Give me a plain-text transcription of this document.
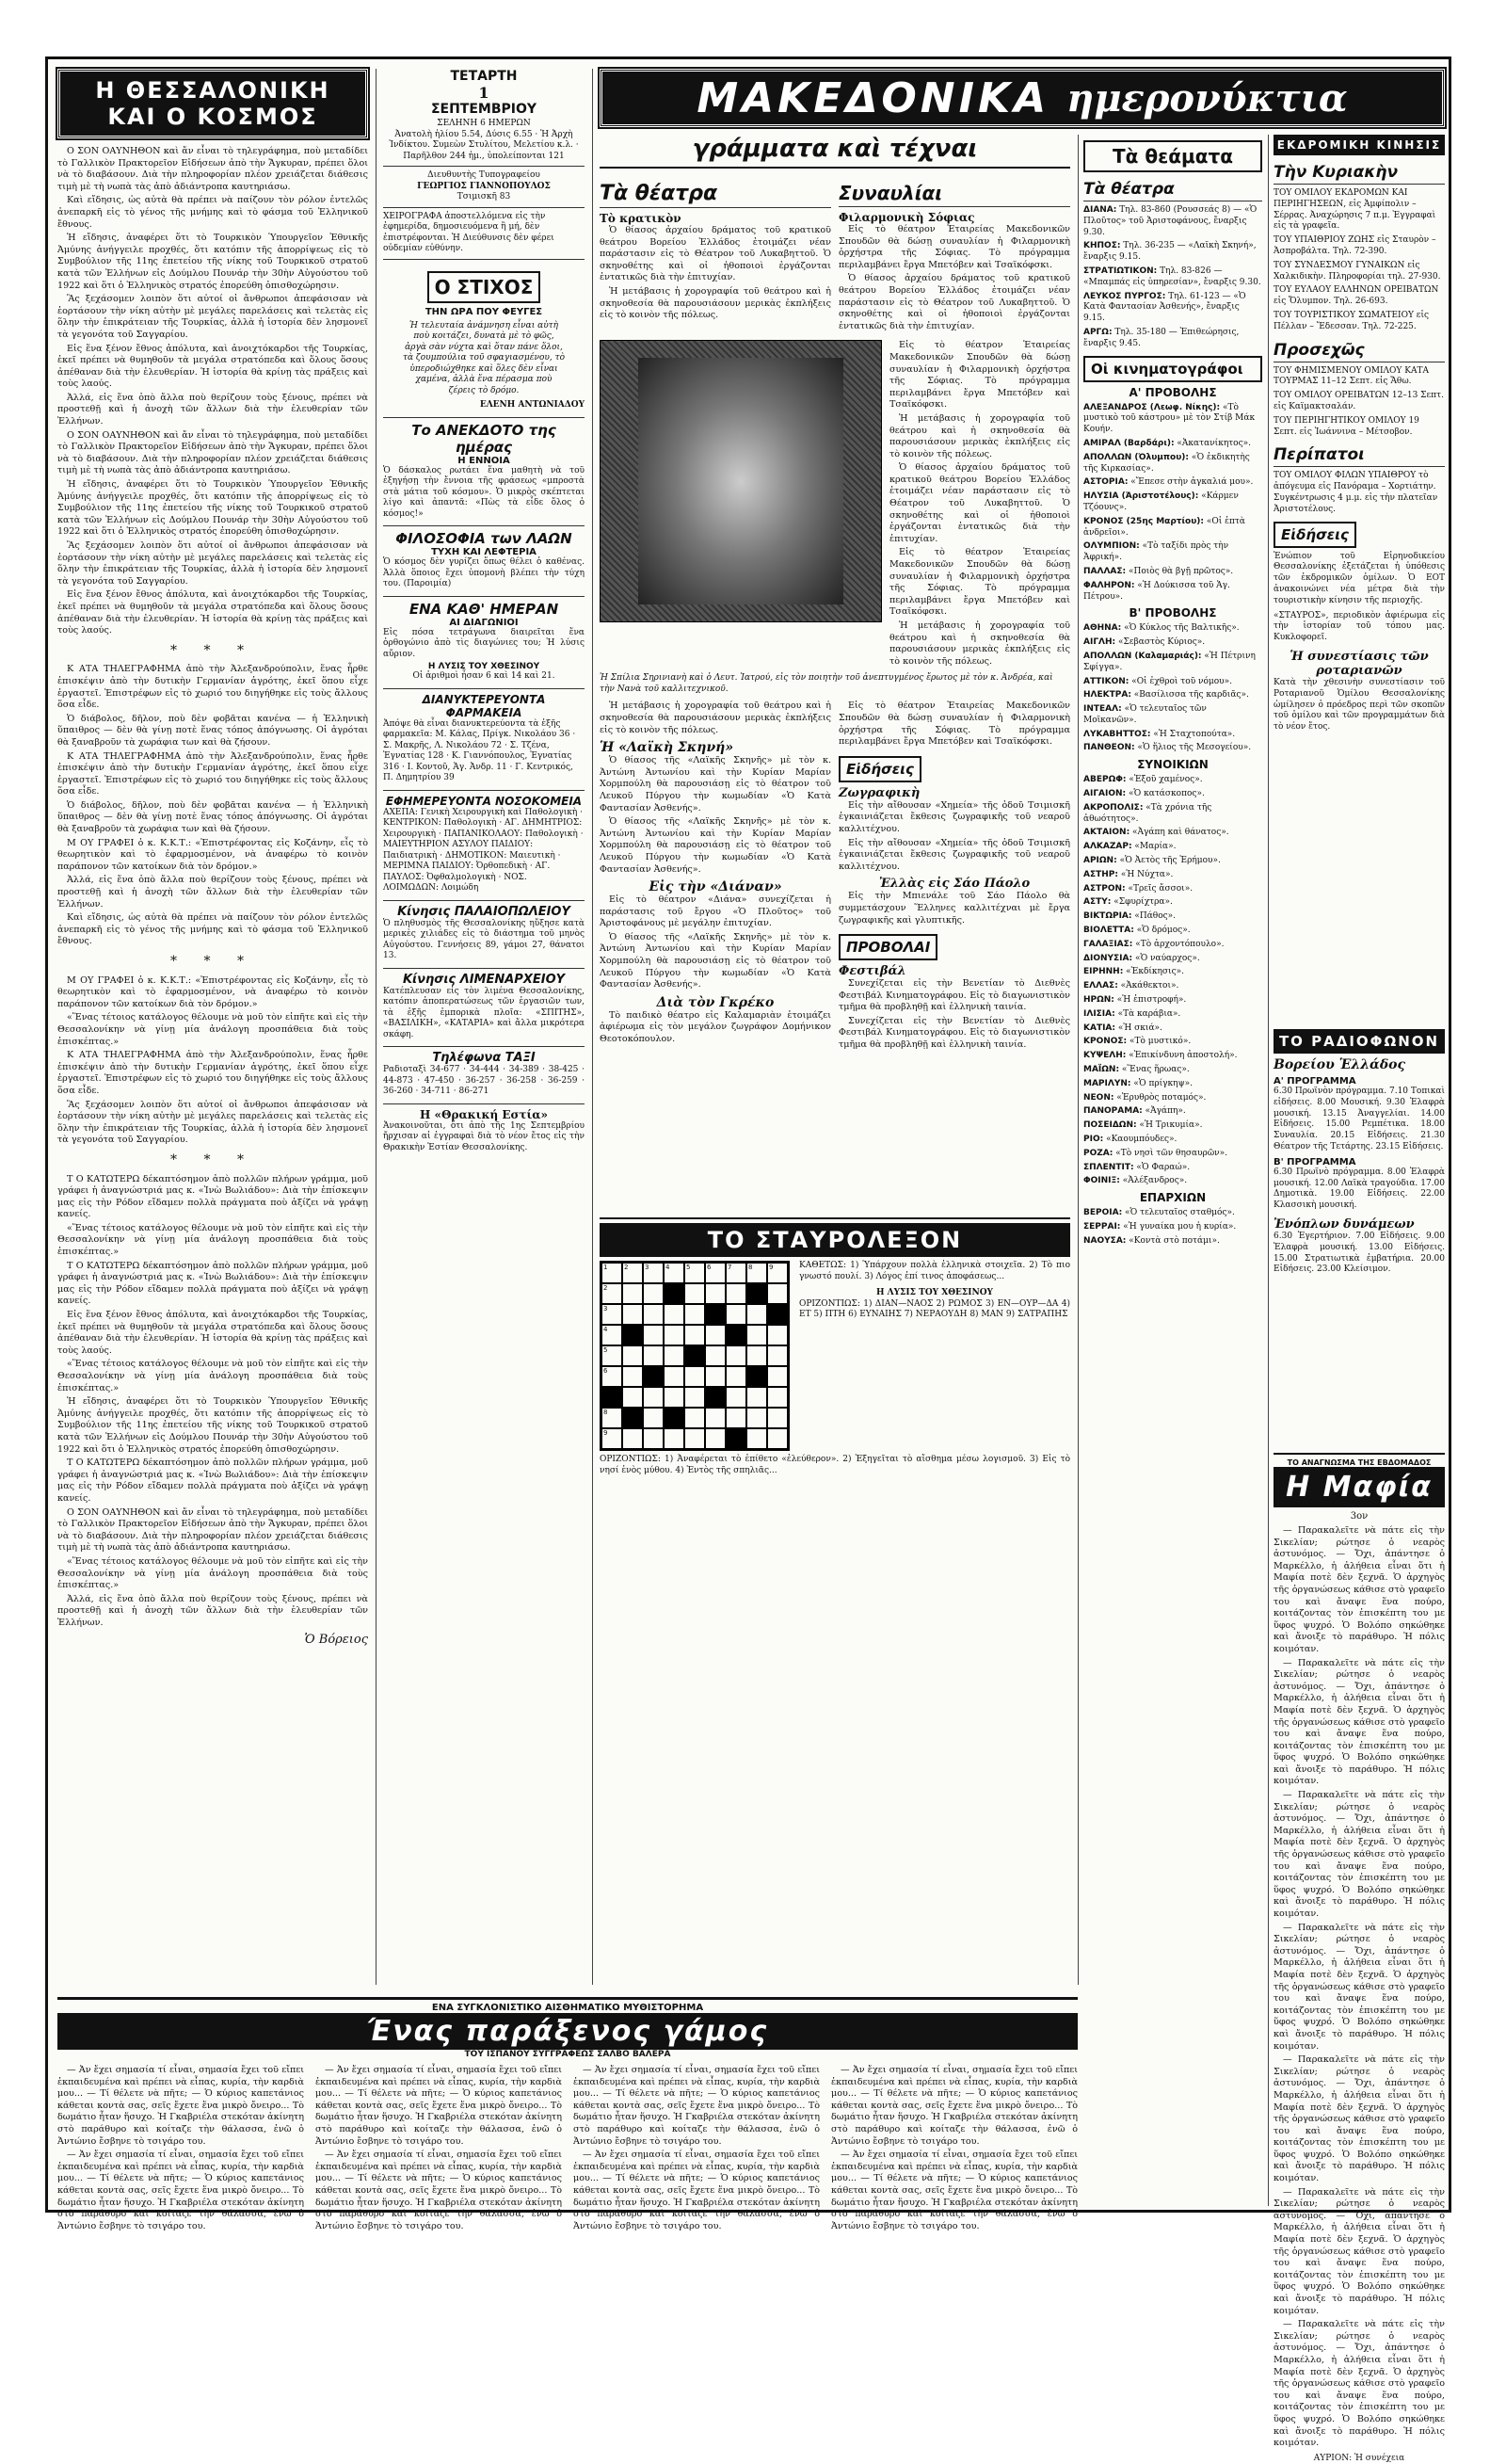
Η ΘΕΣΣΑΛΟΝΙΚΗ
ΚΑΙ Ο ΚΟΣΜΟΣ

Ο ΣΟΝ ΟΑΥΝΗΘΟΝ καὶ ἄν εἶναι τὸ τηλεγράφημα, ποὺ μεταδίδει τὸ Γαλλικὸν Πρακτορεῖον Εἰδήσεων ἀπὸ τὴν Ἄγκυραν, πρέπει ὅλοι νὰ τὸ διαβάσουν. Διὰ τὴν πληροφορίαν πλέον χρειάζεται διάθεσις τιμὴ μὲ τὴ νωπὰ τὰς ἀπὸ ἀδιάντροπα καυτηριάσω.

Καὶ εἴδησις, ὡς αὐτὰ θὰ πρέπει νὰ παίζουν τὸν ρόλον ἐντελῶς ἀνεπαρκῆ εἰς τὸ γένος τῆς μνήμης καὶ τὸ φάσμα τοῦ Ἑλληνικοῦ ἔθνους.

Ἡ εἴδησις, ἀναφέρει ὅτι τὸ Τουρκικὸν Ὑπουργεῖον Ἐθνικῆς Ἀμύνης ἀνήγγειλε προχθές, ὅτι κατόπιν τῆς ἀπορρίψεως εἰς τὸ Συμβούλιον τῆς 11ης ἐπετείου τῆς νίκης τοῦ Τουρκικοῦ στρατοῦ κατὰ τῶν Ἑλλήνων εἰς Δούμλου Πουνάρ τὴν 30ὴν Αὐγούστου τοῦ 1922 καὶ ὅτι ὁ Ἑλληνικὸς στρατός ἐπορεύθη ὀπισθοχώρησιν.

Ἂς ξεχάσομεν λοιπὸν ὅτι αὐτοί οἱ ἄνθρωποι ἀπεφάσισαν νὰ ἑορτάσουν τὴν νίκη αὐτὴν μὲ μεγάλες παρελάσεις καὶ τελετὰς εἰς ὅλην τὴν ἐπικράτειαν τῆς Τουρκίας, ἀλλὰ ἡ ἱστορία δὲν λησμονεῖ τὰ γεγονότα τοῦ Σαγγαρίου.

Εἰς ἕνα ξένον ἔθνος ἀπόλυτα, καὶ ἀνοιχτόκαρδοι τῆς Τουρκίας, ἐκεῖ πρέπει νὰ θυμηθοῦν τὰ μεγάλα στρατόπεδα καὶ ὅλους ὅσους ἀπέθαναν διὰ τὴν ἐλευθερίαν. Ἡ ἱστορία θὰ κρίνῃ τὰς πράξεις καὶ τοὺς λαούς.

Ἀλλά, εἰς ἕνα ὁπὸ ἄλλα ποὺ θερίζουν τοὺς ξένους, πρέπει νὰ προστεθῇ καὶ ἡ ἀνοχὴ τῶν ἄλλων διὰ τὴν ἐλευθερίαν τῶν Ἑλλήνων.

Ο ΣΟΝ ΟΑΥΝΗΘΟΝ καὶ ἄν εἶναι τὸ τηλεγράφημα, ποὺ μεταδίδει τὸ Γαλλικὸν Πρακτορεῖον Εἰδήσεων ἀπὸ τὴν Ἄγκυραν, πρέπει ὅλοι νὰ τὸ διαβάσουν. Διὰ τὴν πληροφορίαν πλέον χρειάζεται διάθεσις τιμὴ μὲ τὴ νωπὰ τὰς ἀπὸ ἀδιάντροπα καυτηριάσω.

Ἡ εἴδησις, ἀναφέρει ὅτι τὸ Τουρκικὸν Ὑπουργεῖον Ἐθνικῆς Ἀμύνης ἀνήγγειλε προχθές, ὅτι κατόπιν τῆς ἀπορρίψεως εἰς τὸ Συμβούλιον τῆς 11ης ἐπετείου τῆς νίκης τοῦ Τουρκικοῦ στρατοῦ κατὰ τῶν Ἑλλήνων εἰς Δούμλου Πουνάρ τὴν 30ὴν Αὐγούστου τοῦ 1922 καὶ ὅτι ὁ Ἑλληνικὸς στρατός ἐπορεύθη ὀπισθοχώρησιν.

Ἂς ξεχάσομεν λοιπὸν ὅτι αὐτοί οἱ ἄνθρωποι ἀπεφάσισαν νὰ ἑορτάσουν τὴν νίκη αὐτὴν μὲ μεγάλες παρελάσεις καὶ τελετὰς εἰς ὅλην τὴν ἐπικράτειαν τῆς Τουρκίας, ἀλλὰ ἡ ἱστορία δὲν λησμονεῖ τὰ γεγονότα τοῦ Σαγγαρίου.

Εἰς ἕνα ξένον ἔθνος ἀπόλυτα, καὶ ἀνοιχτόκαρδοι τῆς Τουρκίας, ἐκεῖ πρέπει νὰ θυμηθοῦν τὰ μεγάλα στρατόπεδα καὶ ὅλους ὅσους ἀπέθαναν διὰ τὴν ἐλευθερίαν. Ἡ ἱστορία θὰ κρίνῃ τὰς πράξεις καὶ τοὺς λαούς.

* * *

Κ ΑΤΑ ΤΗΛΕΓΡΑΦΗΜΑ ἀπὸ τὴν Ἀλεξανδρούπολιν, ἕνας ἦρθε ἐπισκέψιν ἀπὸ τὴν δυτικὴν Γερμανίαν ἀγρότης, ἐκεῖ ὅπου εἶχε ἐργαστεῖ. Ἐπιστρέφων εἰς τὸ χωριό του διηγήθηκε εἰς τοὺς ἄλλους ὅσα εἶδε.

Ὁ διάβολος, δῆλον, ποὺ δὲν φοβᾶται κανένα — ἡ Ἑλληνικὴ ὕπαιθρος — δὲν θὰ γίνῃ ποτὲ ἕνας τόπος ἀπόγνωσης. Οἱ ἀγρόται θὰ ξαναβροῦν τὰ χωράφια των καὶ θὰ ζήσουν.

Κ ΑΤΑ ΤΗΛΕΓΡΑΦΗΜΑ ἀπὸ τὴν Ἀλεξανδρούπολιν, ἕνας ἦρθε ἐπισκέψιν ἀπὸ τὴν δυτικὴν Γερμανίαν ἀγρότης, ἐκεῖ ὅπου εἶχε ἐργαστεῖ. Ἐπιστρέφων εἰς τὸ χωριό του διηγήθηκε εἰς τοὺς ἄλλους ὅσα εἶδε.

Ὁ διάβολος, δῆλον, ποὺ δὲν φοβᾶται κανένα — ἡ Ἑλληνικὴ ὕπαιθρος — δὲν θὰ γίνῃ ποτὲ ἕνας τόπος ἀπόγνωσης. Οἱ ἀγρόται θὰ ξαναβροῦν τὰ χωράφια των καὶ θὰ ζήσουν.

Μ ΟΥ ΓΡΑΦΕΙ ὁ κ. Κ.Κ.Τ.: «Ἐπιστρέφοντας εἰς Κοζάνην, εἶς τὸ θεωρητικὸν καὶ τὸ ἐφαρμοσμένον, νὰ ἀναφέρω τὸ κοινὸν παράπονον τῶν κατοίκων διὰ τὸν δρόμον.»

Ἀλλά, εἰς ἕνα ὁπὸ ἄλλα ποὺ θερίζουν τοὺς ξένους, πρέπει νὰ προστεθῇ καὶ ἡ ἀνοχὴ τῶν ἄλλων διὰ τὴν ἐλευθερίαν τῶν Ἑλλήνων.

Καὶ εἴδησις, ὡς αὐτὰ θὰ πρέπει νὰ παίζουν τὸν ρόλον ἐντελῶς ἀνεπαρκῆ εἰς τὸ γένος τῆς μνήμης καὶ τὸ φάσμα τοῦ Ἑλληνικοῦ ἔθνους.

* * *

Μ ΟΥ ΓΡΑΦΕΙ ὁ κ. Κ.Κ.Τ.: «Ἐπιστρέφοντας εἰς Κοζάνην, εἶς τὸ θεωρητικὸν καὶ τὸ ἐφαρμοσμένον, νὰ ἀναφέρω τὸ κοινὸν παράπονον τῶν κατοίκων διὰ τὸν δρόμον.»

«Ἕνας τέτοιος κατάλογος θέλουμε νὰ μοῦ τὸν εἰπῆτε καὶ εἰς τὴν Θεσσαλονίκην νὰ γίνῃ μία ἀνάλογη προσπάθεια διὰ τοὺς ἐπισκέπτας.»

Κ ΑΤΑ ΤΗΛΕΓΡΑΦΗΜΑ ἀπὸ τὴν Ἀλεξανδρούπολιν, ἕνας ἦρθε ἐπισκέψιν ἀπὸ τὴν δυτικὴν Γερμανίαν ἀγρότης, ἐκεῖ ὅπου εἶχε ἐργαστεῖ. Ἐπιστρέφων εἰς τὸ χωριό του διηγήθηκε εἰς τοὺς ἄλλους ὅσα εἶδε.

Ἂς ξεχάσομεν λοιπὸν ὅτι αὐτοί οἱ ἄνθρωποι ἀπεφάσισαν νὰ ἑορτάσουν τὴν νίκη αὐτὴν μὲ μεγάλες παρελάσεις καὶ τελετὰς εἰς ὅλην τὴν ἐπικράτειαν τῆς Τουρκίας, ἀλλὰ ἡ ἱστορία δὲν λησμονεῖ τὰ γεγονότα τοῦ Σαγγαρίου.

* * *

Τ Ο ΚΑΤΩΤΕΡΩ δέκαπτόσημον ἀπὸ πολλῶν πλήρων γράμμα, μοῦ γράφει ἡ ἀναγνώστριά μας κ. «Ἰνὼ Βωλιάδου»: Διὰ τὴν ἐπίσκεψιν μας εἰς τὴν Ρόδον εἴδαμεν πολλὰ πράγματα ποὺ ἀξίζει νὰ γράψῃ κανείς.

«Ἕνας τέτοιος κατάλογος θέλουμε νὰ μοῦ τὸν εἰπῆτε καὶ εἰς τὴν Θεσσαλονίκην νὰ γίνῃ μία ἀνάλογη προσπάθεια διὰ τοὺς ἐπισκέπτας.»

Τ Ο ΚΑΤΩΤΕΡΩ δέκαπτόσημον ἀπὸ πολλῶν πλήρων γράμμα, μοῦ γράφει ἡ ἀναγνώστριά μας κ. «Ἰνὼ Βωλιάδου»: Διὰ τὴν ἐπίσκεψιν μας εἰς τὴν Ρόδον εἴδαμεν πολλὰ πράγματα ποὺ ἀξίζει νὰ γράψῃ κανείς.

Εἰς ἕνα ξένον ἔθνος ἀπόλυτα, καὶ ἀνοιχτόκαρδοι τῆς Τουρκίας, ἐκεῖ πρέπει νὰ θυμηθοῦν τὰ μεγάλα στρατόπεδα καὶ ὅλους ὅσους ἀπέθαναν διὰ τὴν ἐλευθερίαν. Ἡ ἱστορία θὰ κρίνῃ τὰς πράξεις καὶ τοὺς λαούς.

«Ἕνας τέτοιος κατάλογος θέλουμε νὰ μοῦ τὸν εἰπῆτε καὶ εἰς τὴν Θεσσαλονίκην νὰ γίνῃ μία ἀνάλογη προσπάθεια διὰ τοὺς ἐπισκέπτας.»

Ἡ εἴδησις, ἀναφέρει ὅτι τὸ Τουρκικὸν Ὑπουργεῖον Ἐθνικῆς Ἀμύνης ἀνήγγειλε προχθές, ὅτι κατόπιν τῆς ἀπορρίψεως εἰς τὸ Συμβούλιον τῆς 11ης ἐπετείου τῆς νίκης τοῦ Τουρκικοῦ στρατοῦ κατὰ τῶν Ἑλλήνων εἰς Δούμλου Πουνάρ τὴν 30ὴν Αὐγούστου τοῦ 1922 καὶ ὅτι ὁ Ἑλληνικὸς στρατός ἐπορεύθη ὀπισθοχώρησιν.

Τ Ο ΚΑΤΩΤΕΡΩ δέκαπτόσημον ἀπὸ πολλῶν πλήρων γράμμα, μοῦ γράφει ἡ ἀναγνώστριά μας κ. «Ἰνὼ Βωλιάδου»: Διὰ τὴν ἐπίσκεψιν μας εἰς τὴν Ρόδον εἴδαμεν πολλὰ πράγματα ποὺ ἀξίζει νὰ γράψῃ κανείς.

Ο ΣΟΝ ΟΑΥΝΗΘΟΝ καὶ ἄν εἶναι τὸ τηλεγράφημα, ποὺ μεταδίδει τὸ Γαλλικὸν Πρακτορεῖον Εἰδήσεων ἀπὸ τὴν Ἄγκυραν, πρέπει ὅλοι νὰ τὸ διαβάσουν. Διὰ τὴν πληροφορίαν πλέον χρειάζεται διάθεσις τιμὴ μὲ τὴ νωπὰ τὰς ἀπὸ ἀδιάντροπα καυτηριάσω.

«Ἕνας τέτοιος κατάλογος θέλουμε νὰ μοῦ τὸν εἰπῆτε καὶ εἰς τὴν Θεσσαλονίκην νὰ γίνῃ μία ἀνάλογη προσπάθεια διὰ τοὺς ἐπισκέπτας.»

Ἀλλά, εἰς ἕνα ὁπὸ ἄλλα ποὺ θερίζουν τοὺς ξένους, πρέπει νὰ προστεθῇ καὶ ἡ ἀνοχὴ τῶν ἄλλων διὰ τὴν ἐλευθερίαν τῶν Ἑλλήνων.

Ὁ Βόρειος
ΤΕΤΑΡΤΗ
1
ΣΕΠΤΕΜΒΡΙΟΥ
ΣΕΛΗΝΗ 6 ΗΜΕΡΩΝ
Ἀνατολὴ ἡλίου 5.54, Δύσις 6.55 · Ἡ Ἀρχὴ Ἰνδίκτου. Συμεὼν Στυλίτου, Μελετίου κ.λ. · Παρῆλθον 244 ἡμ., ὑπολείπονται 121
Διευθυντὴς Τυπογραφείου
ΓΕΩΡΓΙΟΣ ΓΙΑΝΝΟΠΟΥΛΟΣ
Τσιμισκῆ 83
ΧΕΙΡΟΓΡΑΦΑ ἀποστελλόμενα εἰς τὴν ἐφημερίδα, δημοσιευόμενα ἢ μή, δὲν ἐπιστρέφονται. Ἡ Διεύθυνσις δὲν φέρει οὐδεμίαν εὐθύνην.
Ο ΣΤΙΧΟΣ
ΤΗΝ ΩΡΑ ΠΟΥ ΦΕΥΓΕΣ
Ἡ τελευταία ἀνάμνηση εἶναι αὐτὴ ποὺ κοιτάζει, δυνατὰ μὲ τὸ φῶς, ἀργὰ σὰν νύχτα καὶ ὅταν πάνε ὅλοι, τὰ ζουμπούλια τοῦ σφαγιασμένου, τὸ ὑπεροδιώχθηκε καὶ ὅλες δὲν εἶναι χαμένα, ἀλλὰ ἕνα πέρασμα ποὺ ζέρεις τὸ δρόμο.
ΕΛΕΝΗ ΑΝΤΩΝΙΑΔΟΥ
Το ΑΝΕΚΔΟΤΟ της ημέρας
Η ΕΝΝΟΙΑ
Ὁ δάσκαλος ρωτάει ἕνα μαθητὴ νὰ τοῦ ἐξηγήσῃ τὴν ἔννοια τῆς φράσεως «μπροστὰ στὰ μάτια τοῦ κόσμου». Ὁ μικρὸς σκέπτεται λίγο καὶ ἀπαντᾶ: «Πὼς τὰ εἶδε ὅλος ὁ κόσμος!»
ΦΙΛΟΣΟΦΙΑ των ΛΑΩΝ
ΤΥΧΗ ΚΑΙ ΛΕΦΤΕΡΙΑ
Ὁ κόσμος δὲν γυρίζει ὅπως θέλει ὁ καθένας. Ἀλλὰ ὅποιος ἔχει ὑπομονὴ βλέπει τὴν τύχη του. (Παροιμία)
ΕΝΑ ΚΑΘ' ΗΜΕΡΑΝ
ΑΙ ΔΙΑΓΩΝΙΟΙ
Εἰς πόσα τετράγωνα διαιρεῖται ἕνα ὀρθογώνιο ἀπὸ τὶς διαγώνιες του; Ἡ λύσις αὔριον.
Η ΛΥΣΙΣ ΤΟΥ ΧΘΕΣΙΝΟΥ
Οἱ ἀριθμοὶ ἦσαν 6 καὶ 14 καὶ 21.
ΔΙΑΝΥΚΤΕΡΕΥΟΝΤΑ ΦΑΡΜΑΚΕΙΑ
Ἀπόψε θὰ εἶναι διανυκτερεύοντα τὰ ἑξῆς φαρμακεῖα: Μ. Κάλας, Πρίγκ. Νικολάου 36 · Σ. Μακρῆς, Λ. Νικολάου 72 · Σ. Τζένα, Ἐγνατίας 128 · Κ. Γιαννόπουλος, Ἐγνατίας 316 · Ι. Κοντοῦ, Ἁγ. Ἀνδρ. 11 · Γ. Κεντρικός, Π. Δημητρίου 39
ΕΦΗΜΕΡΕΥΟΝΤΑ ΝΟΣΟΚΟΜΕΙΑ
ΑΧΕΠΑ: Γενικὴ Χειρουργικὴ καὶ Παθολογικὴ · ΚΕΝΤΡΙΚΟΝ: Παθολογικὴ · ΑΓ. ΔΗΜΗΤΡΙΟΣ: Χειρουργικὴ · ΠΑΠΑΝΙΚΟΛΑΟΥ: Παθολογικὴ · ΜΑΙΕΥΤΗΡΙΟΝ ΑΣΥΛΟΥ ΠΑΙΔΙΟΥ: Παιδιατρικὴ · ΔΗΜΟΤΙΚΟΝ: Μαιευτικὴ · ΜΕΡΙΜΝΑ ΠΑΙΔΙΟΥ: Ὀρθοπεδικὴ · ΑΓ. ΠΑΥΛΟΣ: Ὀφθαλμολογικὴ · ΝΟΣ. ΛΟΙΜΩΔΩΝ: Λοιμώδη
Κίνησις ΠΑΛΑΙΟΠΩΛΕΙΟΥ
Ὁ πληθυσμὸς τῆς Θεσσαλονίκης ηὔξησε κατὰ μερικὲς χιλιάδες εἰς τὸ διάστημα τοῦ μηνὸς Αὐγούστου. Γεννήσεις 89, γάμοι 27, θάνατοι 13.
Κίνησις ΛΙΜΕΝΑΡΧΕΙΟΥ
Κατέπλευσαν εἰς τὸν λιμένα Θεσσαλονίκης, κατόπιν ἀποπερατώσεως τῶν ἐργασιῶν των, τὰ ἑξῆς ἐμπορικὰ πλοῖα: «ΣΠΙΤΗΣ», «ΒΑΣΙΛΙΚΗ», «ΚΑΤΑΡΙΑ» καὶ ἄλλα μικρότερα σκάφη.
Τηλέφωνα ΤΑΞΙ
Ραδιοταξὶ 34-677 · 34-444 · 34-389 · 38-425 · 44-873 · 47-450 · 36-257 · 36-258 · 36-259 · 36-260 · 34-711 · 86-271
Η «Θρακική Εστία»
Ἀνακοινοῦται, ὅτι ἀπὸ τῆς 1ης Σεπτεμβρίου ἤρχισαν αἱ ἐγγραφαὶ διὰ τὸ νέον ἔτος εἰς τὴν Θρακικὴν Ἑστίαν Θεσσαλονίκης.
ΜΑΚΕΔΟΝΙΚΑ ημερονύκτια
γράμματα καὶ τέχναι
Τὰ θέατρα
Τὸ κρατικὸν

Ὁ θίασος ἀρχαίου δράματος τοῦ κρατικοῦ θεάτρου Βορείου Ἑλλάδος ἐτοιμάζει νέαν παράστασιν εἰς τὸ Θέατρον τοῦ Λυκαβηττοῦ. Ὁ σκηνοθέτης καὶ οἱ ἠθοποιοὶ ἐργάζονται ἐντατικῶς διὰ τὴν ἐπιτυχίαν.

Ἡ μετάβασις ἡ χορογραφία τοῦ θεάτρου καὶ ἡ σκηνοθεσία θὰ παρουσιάσουν μερικὰς ἐκπλήξεις εἰς τὸ κοινὸν τῆς πόλεως.

Συναυλίαι
Φιλαρμονικὴ Σόφιας

Εἰς τὸ θέατρον Ἑταιρείας Μακεδονικῶν Σπουδῶν θὰ δώσῃ συναυλίαν ἡ Φιλαρμονικὴ ὀρχήστρα τῆς Σόφιας. Τὸ πρόγραμμα περιλαμβάνει ἔργα Μπετόβεν καὶ Τσαϊκόφσκι.

Ὁ θίασος ἀρχαίου δράματος τοῦ κρατικοῦ θεάτρου Βορείου Ἑλλάδος ἐτοιμάζει νέαν παράστασιν εἰς τὸ Θέατρον τοῦ Λυκαβηττοῦ. Ὁ σκηνοθέτης καὶ οἱ ἠθοποιοὶ ἐργάζονται ἐντατικῶς διὰ τὴν ἐπιτυχίαν.

Εἰς τὸ θέατρον Ἑταιρείας Μακεδονικῶν Σπουδῶν θὰ δώσῃ συναυλίαν ἡ Φιλαρμονικὴ ὀρχήστρα τῆς Σόφιας. Τὸ πρόγραμμα περιλαμβάνει ἔργα Μπετόβεν καὶ Τσαϊκόφσκι.

Ἡ μετάβασις ἡ χορογραφία τοῦ θεάτρου καὶ ἡ σκηνοθεσία θὰ παρουσιάσουν μερικὰς ἐκπλήξεις εἰς τὸ κοινὸν τῆς πόλεως.

Ὁ θίασος ἀρχαίου δράματος τοῦ κρατικοῦ θεάτρου Βορείου Ἑλλάδος ἐτοιμάζει νέαν παράστασιν εἰς τὸ Θέατρον τοῦ Λυκαβηττοῦ. Ὁ σκηνοθέτης καὶ οἱ ἠθοποιοὶ ἐργάζονται ἐντατικῶς διὰ τὴν ἐπιτυχίαν.

Εἰς τὸ θέατρον Ἑταιρείας Μακεδονικῶν Σπουδῶν θὰ δώσῃ συναυλίαν ἡ Φιλαρμονικὴ ὀρχήστρα τῆς Σόφιας. Τὸ πρόγραμμα περιλαμβάνει ἔργα Μπετόβεν καὶ Τσαϊκόφσκι.

Ἡ μετάβασις ἡ χορογραφία τοῦ θεάτρου καὶ ἡ σκηνοθεσία θὰ παρουσιάσουν μερικὰς ἐκπλήξεις εἰς τὸ κοινὸν τῆς πόλεως.

Ἡ Σπίλια Σηρινιανὴ καὶ ὁ Λευτ. Ἰατρού, εἰς τὸν ποιητὴν τοῦ ἀνεπτυγμένος ἔρωτος μὲ τὸν κ. Ἀνδρέα, καὶ τὴν Νανὰ τοῦ καλλιτεχνικοῦ.

Ἡ μετάβασις ἡ χορογραφία τοῦ θεάτρου καὶ ἡ σκηνοθεσία θὰ παρουσιάσουν μερικὰς ἐκπλήξεις εἰς τὸ κοινὸν τῆς πόλεως.

Ἡ «Λαϊκὴ Σκηνή»

Ὁ θίασος τῆς «Λαϊκῆς Σκηνῆς» μὲ τὸν κ. Ἀντώνη Ἀντωνίου καὶ τὴν Κυρίαν Μαρίαν Χορμπούλη θὰ παρουσιάσῃ εἰς τὸ θέατρον τοῦ Λευκοῦ Πύργου τὴν κωμωδίαν «Ὁ Κατὰ Φαντασίαν Ἀσθενής».

Ὁ θίασος τῆς «Λαϊκῆς Σκηνῆς» μὲ τὸν κ. Ἀντώνη Ἀντωνίου καὶ τὴν Κυρίαν Μαρίαν Χορμπούλη θὰ παρουσιάσῃ εἰς τὸ θέατρον τοῦ Λευκοῦ Πύργου τὴν κωμωδίαν «Ὁ Κατὰ Φαντασίαν Ἀσθενής».

Εἰς τὴν «Διάναν»

Εἰς τὸ θέατρον «Διάνα» συνεχίζεται ἡ παράστασις τοῦ ἔργου «Ὁ Πλοῦτος» τοῦ Ἀριστοφάνους μὲ μεγάλην ἐπιτυχίαν.

Ὁ θίασος τῆς «Λαϊκῆς Σκηνῆς» μὲ τὸν κ. Ἀντώνη Ἀντωνίου καὶ τὴν Κυρίαν Μαρίαν Χορμπούλη θὰ παρουσιάσῃ εἰς τὸ θέατρον τοῦ Λευκοῦ Πύργου τὴν κωμωδίαν «Ὁ Κατὰ Φαντασίαν Ἀσθενής».

Διὰ τὸν Γκρέκο

Τὸ παιδικὸ θέατρο εἰς Καλαμαριὰν ἑτοιμάζει ἀφιέρωμα εἰς τὸν μεγάλον ζωγράφον Δομήνικον Θεοτοκόπουλον.

Εἰς τὸ θέατρον Ἑταιρείας Μακεδονικῶν Σπουδῶν θὰ δώσῃ συναυλίαν ἡ Φιλαρμονικὴ ὀρχήστρα τῆς Σόφιας. Τὸ πρόγραμμα περιλαμβάνει ἔργα Μπετόβεν καὶ Τσαϊκόφσκι.

Εἰδήσεις
Ζωγραφικὴ

Εἰς τὴν αἴθουσαν «Χημεία» τῆς ὁδοῦ Τσιμισκῆ ἐγκαινιάζεται ἔκθεσις ζωγραφικῆς τοῦ νεαροῦ καλλιτέχνου.

Εἰς τὴν αἴθουσαν «Χημεία» τῆς ὁδοῦ Τσιμισκῆ ἐγκαινιάζεται ἔκθεσις ζωγραφικῆς τοῦ νεαροῦ καλλιτέχνου.

Ἐλλὰς εἰς Σάο Πάολο

Εἰς τὴν Μπιενάλε τοῦ Σάο Πάολο θὰ συμμετάσχουν Ἕλληνες καλλιτέχναι μὲ ἔργα ζωγραφικῆς καὶ γλυπτικῆς.

ΠΡΟΒΟΛΑΙ
Φεστιβάλ

Συνεχίζεται εἰς τὴν Βενετίαν τὸ Διεθνὲς Φεστιβάλ Κινηματογράφου. Εἰς τὸ διαγωνιστικὸν τμῆμα θὰ προβληθῇ καὶ ἑλληνικὴ ταινία.

Συνεχίζεται εἰς τὴν Βενετίαν τὸ Διεθνὲς Φεστιβάλ Κινηματογράφου. Εἰς τὸ διαγωνιστικὸν τμῆμα θὰ προβληθῇ καὶ ἑλληνικὴ ταινία.

ΤΟ ΣΤΑΥΡΟΛΕΞΟΝ
1	2	3	4	5	6	7	8	9
2
3
4
5
6
8
9
ΚΑΘΕΤΩΣ: 1) Ὑπάρχουν πολλὰ ἑλληνικὰ στοιχεῖα. 2) Τὸ πιο γνωστό πουλί. 3) Λόγος ἐπί τινος ἀποφάσεως...
Η ΛΥΣΙΣ ΤΟΥ ΧΘΕΣΙΝΟΥ
ΟΡΙΖΟΝΤΙΩΣ: 1) ΔΙΑΝ—ΝΑΟΣ 2) ΡΩΜΟΣ 3) ΕΝ—ΟΥΡ—ΔΑ 4) ΕΤ 5) ΠΤΗ 6) ΕΥΝΑΙΗΣ 7) ΝΕΡΑΟΥΔΗ 8) ΜΑΝ 9) ΣΑΤΡΑΠΗΣ
ΟΡΙΖΟΝΤΙΩΣ: 1) Ἀναφέρεται τὸ ἐπίθετο «ἐλεύθερον». 2) Ἐξηγεῖται τὸ αἴσθημα μέσω λογισμοῦ. 3) Εἰς τὸ νησί ἑνὸς μύθου. 4) Ἐντὸς τῆς σπηλιᾶς...
Τὰ θεάματα
Τὰ θέατρα
ΔΙΑΝΑ: Τηλ. 83-860 (Ρουσσεάς 8) — «Ὁ Πλοῦτος» τοῦ Ἀριστοφάνους, ἔναρξις 9.30.
ΚΗΠΟΣ: Τηλ. 36-235 — «Λαϊκὴ Σκηνή», ἔναρξις 9.15.
ΣΤΡΑΤΙΩΤΙΚΟΝ: Τηλ. 83-826 — «Μπαμπάς εἰς ὑπηρεσίαν», ἔναρξις 9.30.
ΛΕΥΚΟΣ ΠΥΡΓΟΣ: Τηλ. 61-123 — «Ὁ Κατὰ Φαντασίαν Ἀσθενής», ἔναρξις 9.15.
ΑΡΓΩ: Τηλ. 35-180 — Ἐπιθεώρησις, ἔναρξις 9.45.
Οἱ κινηματογράφοι
Α' ΠΡΟΒΟΛΗΣ
ΑΛΕΞΑΝΔΡΟΣ (Λεωφ. Νίκης): «Τὸ μυστικὸ τοῦ κάστρου» μὲ τὸν Στίβ Μάκ Κουήν.
ΑΜΙΡΑΛ (Βαρδάρι): «Ἀκατανίκητος».
ΑΠΟΛΛΩΝ (Ὀλυμπου): «Ὁ ἐκδικητὴς τῆς Κιρκασίας».
ΑΣΤΟΡΙΑ: «Ἔπεσε στὴν ἀγκαλιά μου».
ΗΛΥΣΙΑ (Ἀριστοτέλους): «Κάρμεν Τζόουνς».
ΚΡΟΝΟΣ (25ης Μαρτίου): «Οἱ ἐπτὰ ἀνδρεῖοι».
ΟΛΥΜΠΙΟΝ: «Τὸ ταξίδι πρὸς τὴν Ἀφρική».
ΠΑΛΛΑΣ: «Ποιὸς θὰ βγῇ πρῶτος».
ΦΑΛΗΡΟΝ: «Ἡ Δούκισσα τοῦ Ἁγ. Πέτρου».
Β' ΠΡΟΒΟΛΗΣ
ΑΘΗΝΑ: «Ὁ Κύκλος τῆς Βαλτικῆς».
ΑΙΓΛΗ: «Σεβαστὸς Κύριος».
ΑΠΟΛΛΩΝ (Καλαμαριάς): «Ἡ Πέτρινη Σφίγγα».
ΑΤΤΙΚΟΝ: «Οἱ ἐχθροὶ τοῦ νόμου».
ΗΛΕΚΤΡΑ: «Βασίλισσα τῆς καρδιᾶς».
ΙΝΤΕΑΛ: «Ὁ τελευταῖος τῶν Μοϊκανῶν».
ΛΥΚΑΒΗΤΤΟΣ: «Ἡ Σταχτοπούτα».
ΠΑΝΘΕΟΝ: «Ὁ ἥλιος τῆς Μεσογείου».
ΣΥΝΟΙΚΙΩΝ
ΑΒΕΡΩΦ: «Ἐξοῦ χαμένος».
ΑΙΓΑΙΟΝ: «Ὁ κατάσκοπος».
ΑΚΡΟΠΟΛΙΣ: «Τὰ χρόνια τῆς ἀθωότητος».
ΑΚΤΑΙΟΝ: «Ἀγάπη καὶ θάνατος».
ΑΛΚΑΖΑΡ: «Μαρία».
ΑΡΙΩΝ: «Ὁ Ἀετὸς τῆς Ἐρήμου».
ΑΣΤΗΡ: «Ἡ Νύχτα».
ΑΣΤΡΟΝ: «Τρεῖς ἄσσοι».
ΑΣΤΥ: «Σφυρίχτρα».
ΒΙΚΤΩΡΙΑ: «Πάθος».
ΒΙΟΛΕΤΤΑ: «Ὁ δρόμος».
ΓΑΛΑΞΙΑΣ: «Τὸ ἀρχοντόπουλο».
ΔΙΟΝΥΣΙΑ: «Ὁ ναύαρχος».
ΕΙΡΗΝΗ: «Ἐκδίκησις».
ΕΛΛΑΣ: «Ἀκάθεκτοι».
ΗΡΩΝ: «Ἡ ἐπιστροφή».
ΙΛΙΣΙΑ: «Τὰ καράβια».
ΚΑΤΙΑ: «Ἡ σκιά».
ΚΡΟΝΟΣ: «Τὸ μυστικό».
ΚΥΨΕΛΗ: «Ἐπικίνδυνη ἀποστολή».
ΜΑΪΩΝ: «Ἕνας ἥρωας».
ΜΑΡΙΛΥΝ: «Ὁ πρίγκηψ».
ΝΕΟΝ: «Ἐρυθρὸς ποταμός».
ΠΑΝΟΡΑΜΑ: «Ἀγάπη».
ΠΟΣΕΙΔΩΝ: «Ἡ Τρικυμία».
ΡΙΟ: «Καουμπόυδες».
ΡΟΖΑ: «Τὸ νησὶ τῶν θησαυρῶν».
ΣΠΛΕΝΤΙΤ: «Ὁ Φαραώ».
ΦΟΙΝΙΞ: «Ἀλέξανδρος».
ΕΠΑΡΧΙΩΝ
ΒΕΡΟΙΑ: «Ὁ τελευταῖος σταθμός».
ΣΕΡΡΑΙ: «Ἡ γυναίκα μου ἡ κυρία».
ΝΑΟΥΣΑ: «Κοντὰ στὸ ποτάμι».
ΕΚΔΡΟΜΙΚΗ ΚΙΝΗΣΙΣ
Τὴν Κυριακὴν
ΤΟΥ ΟΜΙΛΟΥ ΕΚΔΡΟΜΩΝ ΚΑΙ ΠΕΡΙΗΓΗΣΕΩΝ, εἰς Ἀμφίπολιν – Σέρρας. Ἀναχώρησις 7 π.μ. Ἐγγραφαὶ εἰς τὰ γραφεῖα.
ΤΟΥ ΥΠΑΙΘΡΙΟΥ ΖΩΗΣ εἰς Σταυρὸν – Ἀσπροβάλτα. Τηλ. 72-390.
ΤΟΥ ΣΥΝΔΕΣΜΟΥ ΓΥΝΑΙΚΩΝ εἰς Χαλκιδικὴν. Πληροφορίαι τηλ. 27-930.
ΤΟΥ ΕΥΛΑΟΥ ΕΛΛΗΝΩΝ ΟΡΕΙΒΑΤΩΝ εἰς Ὄλυμπον. Τηλ. 26-693.
ΤΟΥ ΤΟΥΡΙΣΤΙΚΟΥ ΣΩΜΑΤΕΙΟΥ εἰς Πέλλαν – Ἔδεσσαν. Τηλ. 72-225.
Προσεχῶς
ΤΟΥ ΦΗΜΙΣΜΕΝΟΥ ΟΜΙΛΟΥ ΚΑΤΑ ΤΟΥΡΜΑΣ 11–12 Σεπτ. εἰς Ἄθω.
ΤΟΥ ΟΜΙΛΟΥ ΟΡΕΙΒΑΤΩΝ 12–13 Σεπτ. εἰς Καϊμακτσαλάν.
ΤΟΥ ΠΕΡΙΗΓΗΤΙΚΟΥ ΟΜΙΛΟΥ 19 Σεπτ. εἰς Ἰωάννινα – Μέτσοβον.
Περίπατοι
ΤΟΥ ΟΜΙΛΟΥ ΦΙΛΩΝ ΥΠΑΙΘΡΟΥ τὸ ἀπόγευμα εἰς Πανόραμα – Χορτιάτην. Συγκέντρωσις 4 μ.μ. εἰς τὴν πλατεῖαν Ἀριστοτέλους.
Εἰδήσεις
Ἐνώπιον τοῦ Εἰρηνοδικείου Θεσσαλονίκης ἐξετάζεται ἡ ὑπόθεσις τῶν ἐκδρομικῶν ὁμίλων. Ὁ ΕΟΤ ἀνακοινώνει νέα μέτρα διὰ τὴν τουριστικὴν κίνησιν τῆς περιοχῆς.
«ΣΤΑΥΡΟΣ», περιοδικὸν ἀφιέρωμα εἰς τὴν ἱστορίαν τοῦ τόπου μας. Κυκλοφορεῖ.
Ἡ συνεστίασις τῶν ροταριανῶν
Κατὰ τὴν χθεσινὴν συνεστίασιν τοῦ Ροταριανοῦ Ὁμίλου Θεσσαλονίκης ὡμίλησεν ὁ πρόεδρος περὶ τῶν σκοπῶν τοῦ ὁμίλου καὶ τῶν προγραμμάτων διὰ τὸ νέον ἔτος.
ΤΟ ΡΑΔΙΟΦΩΝΟΝ
Βορείου Ἑλλάδος
Α' ΠΡΟΓΡΑΜΜΑ
6.30 Πρωϊνὸν πρόγραμμα. 7.10 Τοπικαὶ εἰδήσεις. 8.00 Μουσική. 9.30 Ἑλαφρὰ μουσική. 13.15 Ἀναγγελίαι. 14.00 Εἰδήσεις. 15.00 Ρεμπέτικα. 18.00 Συναυλία. 20.15 Εἰδήσεις. 21.30 Θέατρον τῆς Τετάρτης. 23.15 Εἰδήσεις.
Β' ΠΡΟΓΡΑΜΜΑ
6.30 Πρωϊνὸ πρόγραμμα. 8.00 Ἐλαφρὰ μουσική. 12.00 Λαϊκὰ τραγούδια. 17.00 Δημοτικὰ. 19.00 Εἰδήσεις. 22.00 Κλασσικὴ μουσική.
Ἐνόπλων δυνάμεων
6.30 Ἐγερτήριον. 7.00 Εἰδήσεις. 9.00 Ἑλαφρὰ μουσική. 13.00 Εἰδήσεις. 15.00 Στρατιωτικὰ ἐμβατήρια. 20.00 Εἰδήσεις. 23.00 Κλείσιμον.
ΤΟ ΑΝΑΓΝΩΣΜΑ ΤΗΣ ΕΒΔΟΜΑΔΟΣ
Η Μαφία
3ον

— Παρακαλεῖτε νὰ πάτε εἰς τὴν Σικελίαν; ρώτησε ὁ νεαρὸς ἀστυνόμος. — Ὄχι, ἀπάντησε ὁ Μαρκέλλο, ἡ ἀλήθεια εἶναι ὅτι ἡ Μαφία ποτὲ δὲν ξεχνᾶ. Ὁ ἀρχηγὸς τῆς ὀργανώσεως κάθισε στὸ γραφεῖο του καὶ ἄναψε ἕνα πούρο, κοιτάζοντας τὸν ἐπισκέπτη του με ὕφος ψυχρό. Ὁ Βολόπο σηκώθηκε καὶ ἄνοιξε τὸ παράθυρο. Ἡ πόλις κοιμόταν.

— Παρακαλεῖτε νὰ πάτε εἰς τὴν Σικελίαν; ρώτησε ὁ νεαρὸς ἀστυνόμος. — Ὄχι, ἀπάντησε ὁ Μαρκέλλο, ἡ ἀλήθεια εἶναι ὅτι ἡ Μαφία ποτὲ δὲν ξεχνᾶ. Ὁ ἀρχηγὸς τῆς ὀργανώσεως κάθισε στὸ γραφεῖο του καὶ ἄναψε ἕνα πούρο, κοιτάζοντας τὸν ἐπισκέπτη του με ὕφος ψυχρό. Ὁ Βολόπο σηκώθηκε καὶ ἄνοιξε τὸ παράθυρο. Ἡ πόλις κοιμόταν.

— Παρακαλεῖτε νὰ πάτε εἰς τὴν Σικελίαν; ρώτησε ὁ νεαρὸς ἀστυνόμος. — Ὄχι, ἀπάντησε ὁ Μαρκέλλο, ἡ ἀλήθεια εἶναι ὅτι ἡ Μαφία ποτὲ δὲν ξεχνᾶ. Ὁ ἀρχηγὸς τῆς ὀργανώσεως κάθισε στὸ γραφεῖο του καὶ ἄναψε ἕνα πούρο, κοιτάζοντας τὸν ἐπισκέπτη του με ὕφος ψυχρό. Ὁ Βολόπο σηκώθηκε καὶ ἄνοιξε τὸ παράθυρο. Ἡ πόλις κοιμόταν.

— Παρακαλεῖτε νὰ πάτε εἰς τὴν Σικελίαν; ρώτησε ὁ νεαρὸς ἀστυνόμος. — Ὄχι, ἀπάντησε ὁ Μαρκέλλο, ἡ ἀλήθεια εἶναι ὅτι ἡ Μαφία ποτὲ δὲν ξεχνᾶ. Ὁ ἀρχηγὸς τῆς ὀργανώσεως κάθισε στὸ γραφεῖο του καὶ ἄναψε ἕνα πούρο, κοιτάζοντας τὸν ἐπισκέπτη του με ὕφος ψυχρό. Ὁ Βολόπο σηκώθηκε καὶ ἄνοιξε τὸ παράθυρο. Ἡ πόλις κοιμόταν.

— Παρακαλεῖτε νὰ πάτε εἰς τὴν Σικελίαν; ρώτησε ὁ νεαρὸς ἀστυνόμος. — Ὄχι, ἀπάντησε ὁ Μαρκέλλο, ἡ ἀλήθεια εἶναι ὅτι ἡ Μαφία ποτὲ δὲν ξεχνᾶ. Ὁ ἀρχηγὸς τῆς ὀργανώσεως κάθισε στὸ γραφεῖο του καὶ ἄναψε ἕνα πούρο, κοιτάζοντας τὸν ἐπισκέπτη του με ὕφος ψυχρό. Ὁ Βολόπο σηκώθηκε καὶ ἄνοιξε τὸ παράθυρο. Ἡ πόλις κοιμόταν.

— Παρακαλεῖτε νὰ πάτε εἰς τὴν Σικελίαν; ρώτησε ὁ νεαρὸς ἀστυνόμος. — Ὄχι, ἀπάντησε ὁ Μαρκέλλο, ἡ ἀλήθεια εἶναι ὅτι ἡ Μαφία ποτὲ δὲν ξεχνᾶ. Ὁ ἀρχηγὸς τῆς ὀργανώσεως κάθισε στὸ γραφεῖο του καὶ ἄναψε ἕνα πούρο, κοιτάζοντας τὸν ἐπισκέπτη του με ὕφος ψυχρό. Ὁ Βολόπο σηκώθηκε καὶ ἄνοιξε τὸ παράθυρο. Ἡ πόλις κοιμόταν.

— Παρακαλεῖτε νὰ πάτε εἰς τὴν Σικελίαν; ρώτησε ὁ νεαρὸς ἀστυνόμος. — Ὄχι, ἀπάντησε ὁ Μαρκέλλο, ἡ ἀλήθεια εἶναι ὅτι ἡ Μαφία ποτὲ δὲν ξεχνᾶ. Ὁ ἀρχηγὸς τῆς ὀργανώσεως κάθισε στὸ γραφεῖο του καὶ ἄναψε ἕνα πούρο, κοιτάζοντας τὸν ἐπισκέπτη του με ὕφος ψυχρό. Ὁ Βολόπο σηκώθηκε καὶ ἄνοιξε τὸ παράθυρο. Ἡ πόλις κοιμόταν.

ΑΥΡΙΟΝ: Ἡ συνέχεια
ΕΝΑ ΣΥΓΚΛΟΝΙΣΤΙΚΟ ΑΙΣΘΗΜΑΤΙΚΟ ΜΥΘΙΣΤΟΡΗΜΑ
Ένας παράξενος γάμος
ΤΟΥ ΙΣΠΑΝΟΥ ΣΥΓΓΡΑΦΕΩΣ ΣΑΛΒΟ ΒΑΛΕΡΑ

— Ἀν ἔχει σημασία τί εἶναι, σημασία ἔχει τοῦ εἴπει ἐκπαιδευμένα καὶ πρέπει νὰ εἶπας, κυρία, τὴν καρδιὰ μου... — Τί θέλετε νὰ πῆτε; — Ὁ κύριος καπετάνιος κάθεται κοντὰ σας, σεῖς ἔχετε ἕνα μικρὸ ὄνειρο... Τὸ δωμάτιο ἦταν ἥσυχο. Ἡ Γκαβριέλα στεκόταν ἀκίνητη στὸ παράθυρο καὶ κοίταζε τὴν θάλασσα, ἐνῶ ὁ Ἀντώνιο ἔσβηνε τὸ τσιγάρο του.

— Ἀν ἔχει σημασία τί εἶναι, σημασία ἔχει τοῦ εἴπει ἐκπαιδευμένα καὶ πρέπει νὰ εἶπας, κυρία, τὴν καρδιὰ μου... — Τί θέλετε νὰ πῆτε; — Ὁ κύριος καπετάνιος κάθεται κοντὰ σας, σεῖς ἔχετε ἕνα μικρὸ ὄνειρο... Τὸ δωμάτιο ἦταν ἥσυχο. Ἡ Γκαβριέλα στεκόταν ἀκίνητη στὸ παράθυρο καὶ κοίταζε τὴν θάλασσα, ἐνῶ ὁ Ἀντώνιο ἔσβηνε τὸ τσιγάρο του.

— Ἀν ἔχει σημασία τί εἶναι, σημασία ἔχει τοῦ εἴπει ἐκπαιδευμένα καὶ πρέπει νὰ εἶπας, κυρία, τὴν καρδιὰ μου... — Τί θέλετε νὰ πῆτε; — Ὁ κύριος καπετάνιος κάθεται κοντὰ σας, σεῖς ἔχετε ἕνα μικρὸ ὄνειρο... Τὸ δωμάτιο ἦταν ἥσυχο. Ἡ Γκαβριέλα στεκόταν ἀκίνητη στὸ παράθυρο καὶ κοίταζε τὴν θάλασσα, ἐνῶ ὁ Ἀντώνιο ἔσβηνε τὸ τσιγάρο του.

— Ἀν ἔχει σημασία τί εἶναι, σημασία ἔχει τοῦ εἴπει ἐκπαιδευμένα καὶ πρέπει νὰ εἶπας, κυρία, τὴν καρδιὰ μου... — Τί θέλετε νὰ πῆτε; — Ὁ κύριος καπετάνιος κάθεται κοντὰ σας, σεῖς ἔχετε ἕνα μικρὸ ὄνειρο... Τὸ δωμάτιο ἦταν ἥσυχο. Ἡ Γκαβριέλα στεκόταν ἀκίνητη στὸ παράθυρο καὶ κοίταζε τὴν θάλασσα, ἐνῶ ὁ Ἀντώνιο ἔσβηνε τὸ τσιγάρο του.

— Ἀν ἔχει σημασία τί εἶναι, σημασία ἔχει τοῦ εἴπει ἐκπαιδευμένα καὶ πρέπει νὰ εἶπας, κυρία, τὴν καρδιὰ μου... — Τί θέλετε νὰ πῆτε; — Ὁ κύριος καπετάνιος κάθεται κοντὰ σας, σεῖς ἔχετε ἕνα μικρὸ ὄνειρο... Τὸ δωμάτιο ἦταν ἥσυχο. Ἡ Γκαβριέλα στεκόταν ἀκίνητη στὸ παράθυρο καὶ κοίταζε τὴν θάλασσα, ἐνῶ ὁ Ἀντώνιο ἔσβηνε τὸ τσιγάρο του.

— Ἀν ἔχει σημασία τί εἶναι, σημασία ἔχει τοῦ εἴπει ἐκπαιδευμένα καὶ πρέπει νὰ εἶπας, κυρία, τὴν καρδιὰ μου... — Τί θέλετε νὰ πῆτε; — Ὁ κύριος καπετάνιος κάθεται κοντὰ σας, σεῖς ἔχετε ἕνα μικρὸ ὄνειρο... Τὸ δωμάτιο ἦταν ἥσυχο. Ἡ Γκαβριέλα στεκόταν ἀκίνητη στὸ παράθυρο καὶ κοίταζε τὴν θάλασσα, ἐνῶ ὁ Ἀντώνιο ἔσβηνε τὸ τσιγάρο του.

— Ἀν ἔχει σημασία τί εἶναι, σημασία ἔχει τοῦ εἴπει ἐκπαιδευμένα καὶ πρέπει νὰ εἶπας, κυρία, τὴν καρδιὰ μου... — Τί θέλετε νὰ πῆτε; — Ὁ κύριος καπετάνιος κάθεται κοντὰ σας, σεῖς ἔχετε ἕνα μικρὸ ὄνειρο... Τὸ δωμάτιο ἦταν ἥσυχο. Ἡ Γκαβριέλα στεκόταν ἀκίνητη στὸ παράθυρο καὶ κοίταζε τὴν θάλασσα, ἐνῶ ὁ Ἀντώνιο ἔσβηνε τὸ τσιγάρο του.

— Ἀν ἔχει σημασία τί εἶναι, σημασία ἔχει τοῦ εἴπει ἐκπαιδευμένα καὶ πρέπει νὰ εἶπας, κυρία, τὴν καρδιὰ μου... — Τί θέλετε νὰ πῆτε; — Ὁ κύριος καπετάνιος κάθεται κοντὰ σας, σεῖς ἔχετε ἕνα μικρὸ ὄνειρο... Τὸ δωμάτιο ἦταν ἥσυχο. Ἡ Γκαβριέλα στεκόταν ἀκίνητη στὸ παράθυρο καὶ κοίταζε τὴν θάλασσα, ἐνῶ ὁ Ἀντώνιο ἔσβηνε τὸ τσιγάρο του.
